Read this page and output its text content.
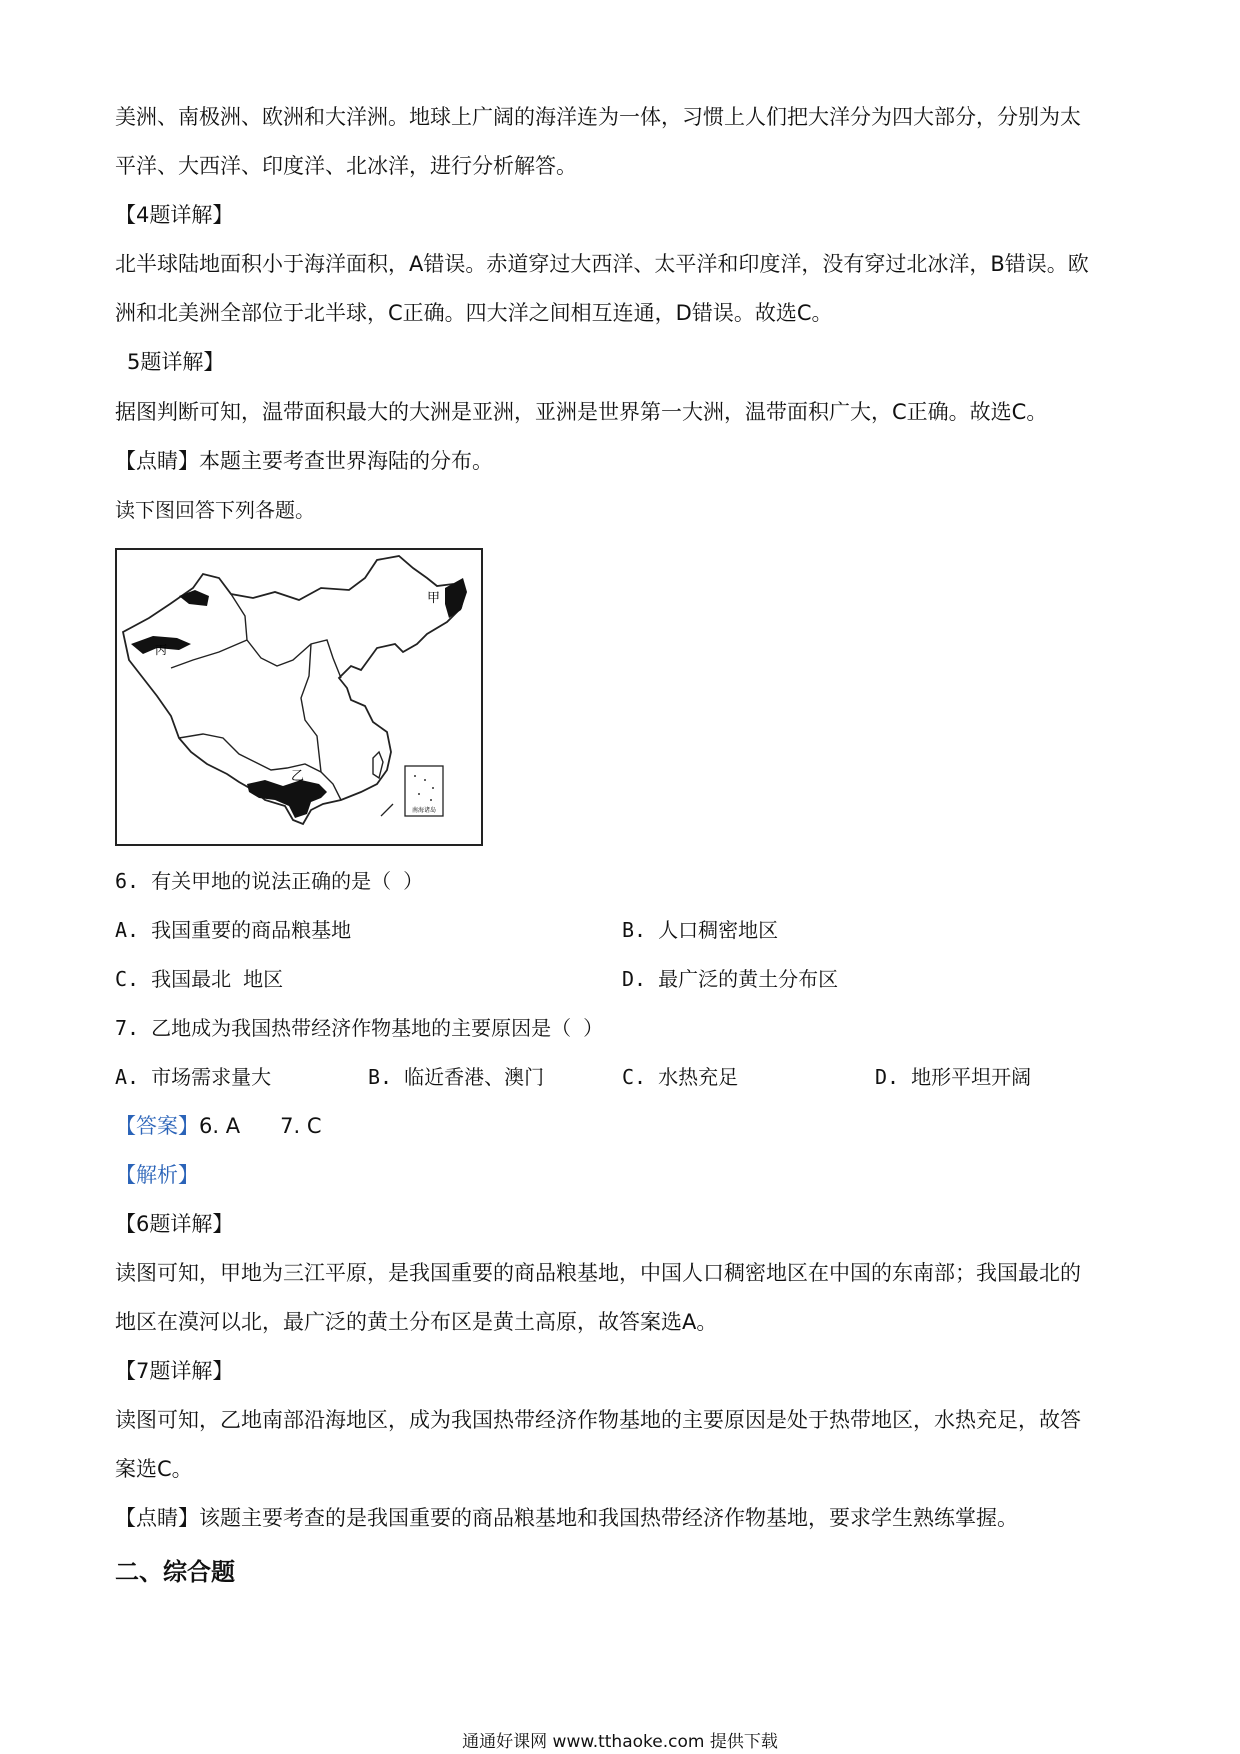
美洲、南极洲、欧洲和大洋洲。地球上广阔的海洋连为一体，习惯上人们把大洋分为四大部分，分别为太
平洋、大西洋、印度洋、北冰洋，进行分析解答。
【4题详解】
北半球陆地面积小于海洋面积，A错误。赤道穿过大西洋、太平洋和印度洋，没有穿过北冰洋，B错误。欧
洲和北美洲全部位于北半球，C正确。四大洋之间相互连通，D错误。故选C。
5题详解】
据图判断可知，温带面积最大的大洲是亚洲，亚洲是世界第一大洲，温带面积广大，C正确。故选C。
【点睛】本题主要考查世界海陆的分布。
读下图回答下列各题。
南海诸岛
甲
丙
乙
6. 有关甲地的说法正确的是（ ）
A. 我国重要的商品粮基地	B. 人口稠密地区
C. 我国最北 地区	D. 最广泛的黄土分布区
7. 乙地成为我国热带经济作物基地的主要原因是（ ）
A. 市场需求量大	B. 临近香港、澳门	C. 水热充足	D. 地形平坦开阔
【答案】6. A      7. C
【解析】
【6题详解】
读图可知，甲地为三江平原，是我国重要的商品粮基地，中国人口稠密地区在中国的东南部；我国最北的
地区在漠河以北，最广泛的黄土分布区是黄土高原，故答案选A。
【7题详解】
读图可知，乙地南部沿海地区，成为我国热带经济作物基地的主要原因是处于热带地区，水热充足，故答
案选C。
【点睛】该题主要考查的是我国重要的商品粮基地和我国热带经济作物基地，要求学生熟练掌握。
二、综合题
通通好课网 www.tthaoke.com 提供下载
